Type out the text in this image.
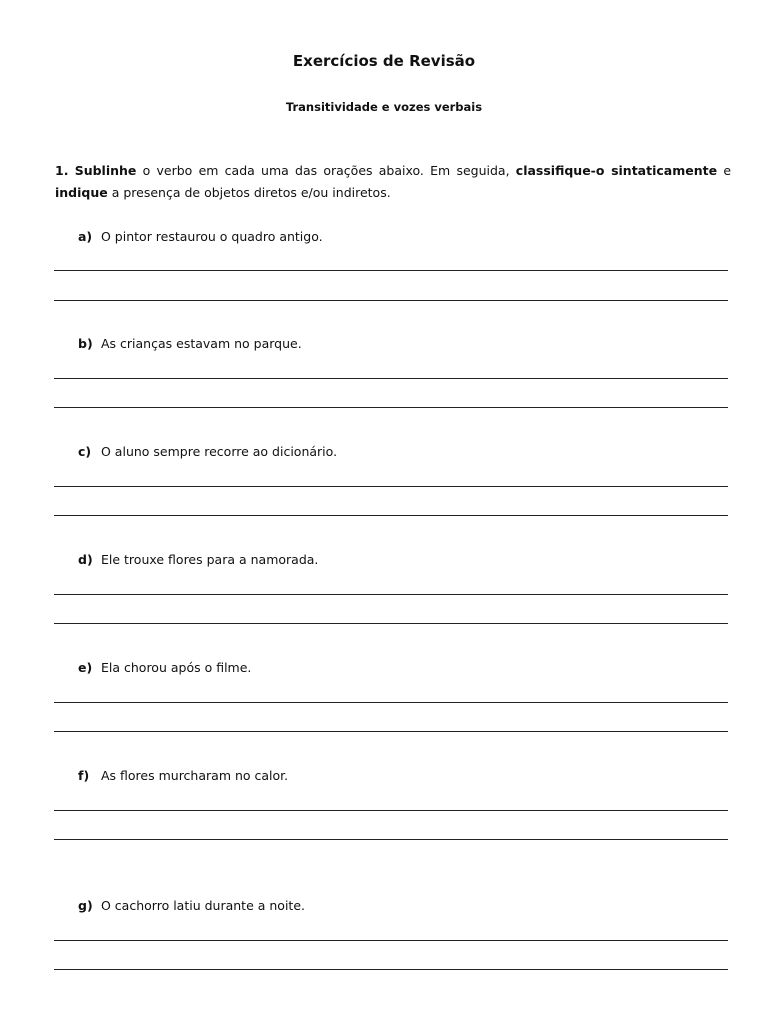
Exercícios de Revisão
Transitividade e vozes verbais
1. Sublinhe o verbo em cada uma das orações abaixo. Em seguida, classifique-o sintaticamente e indique a presença de objetos diretos e/ou indiretos.
a) O pintor restaurou o quadro antigo.
b) As crianças estavam no parque.
c) O aluno sempre recorre ao dicionário.
d) Ele trouxe flores para a namorada.
e) Ela chorou após o filme.
f) As flores murcharam no calor.
g) O cachorro latiu durante a noite.
